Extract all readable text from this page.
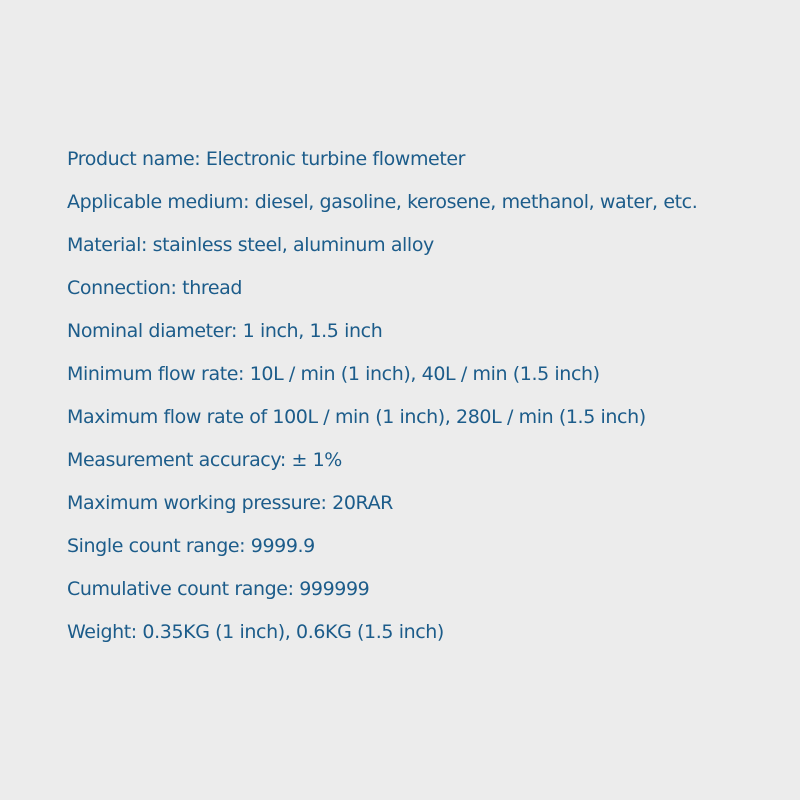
Product name: Electronic turbine flowmeter
Applicable medium: diesel, gasoline, kerosene, methanol, water, etc.
Material: stainless steel, aluminum alloy
Connection: thread
Nominal diameter: 1 inch, 1.5 inch
Minimum flow rate: 10L / min (1 inch), 40L / min (1.5 inch)
Maximum flow rate of 100L / min (1 inch), 280L / min (1.5 inch)
Measurement accuracy: ± 1%
Maximum working pressure: 20RAR
Single count range: 9999.9
Cumulative count range: 999999
Weight: 0.35KG (1 inch), 0.6KG (1.5 inch)
